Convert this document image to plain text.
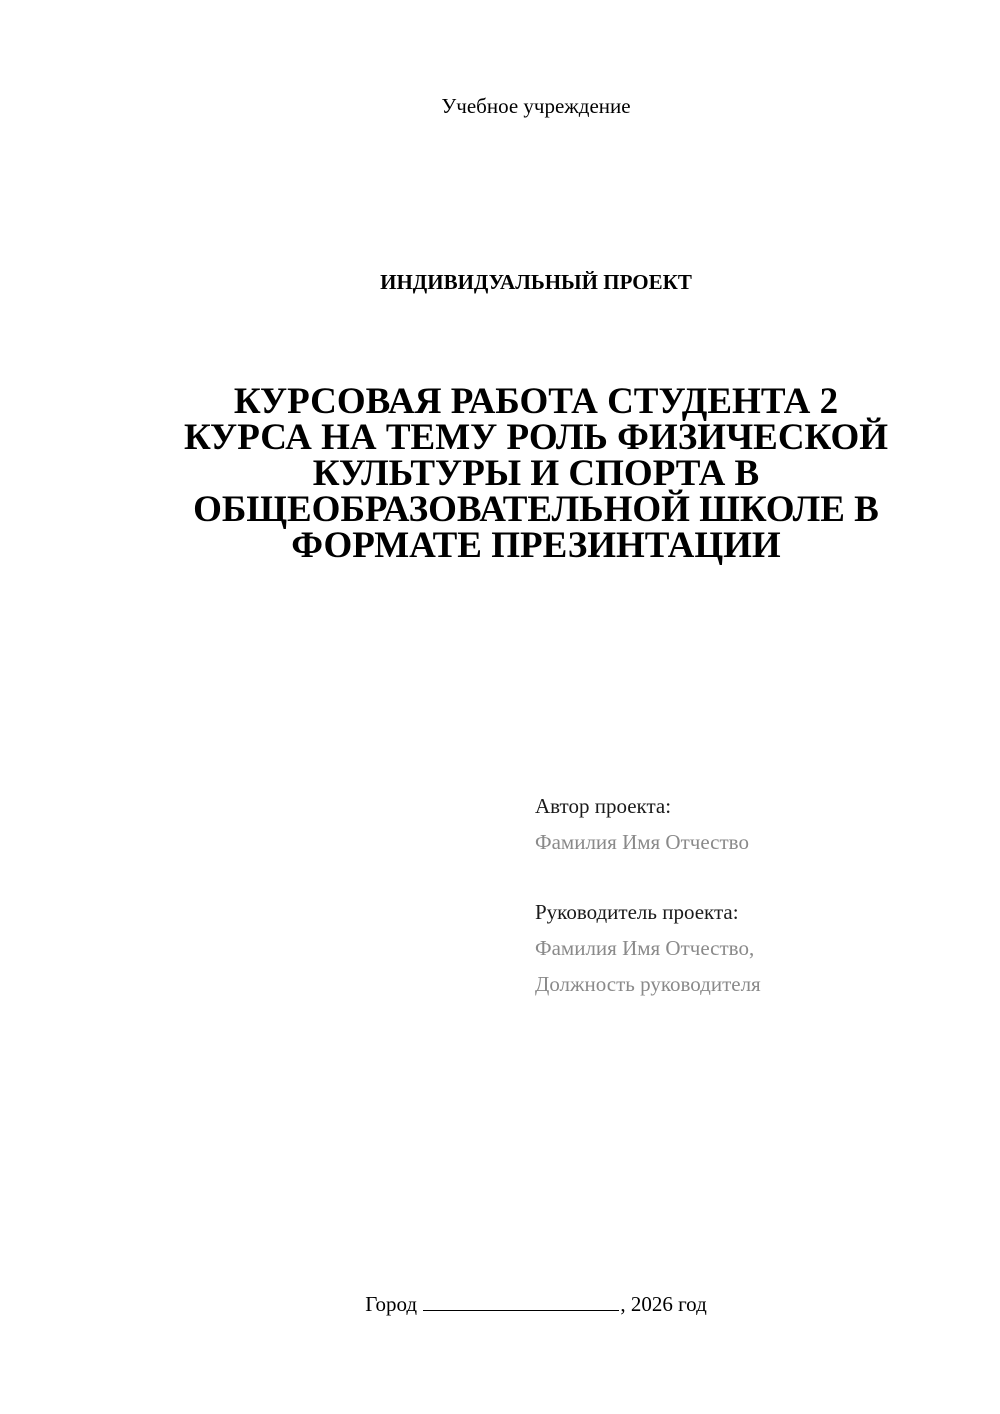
Учебное учреждение
ИНДИВИДУАЛЬНЫЙ ПРОЕКТ
КУРСОВАЯ РАБОТА СТУДЕНТА 2
КУРСА НА ТЕМУ РОЛЬ ФИЗИЧЕСКОЙ
КУЛЬТУРЫ И СПОРТА В
ОБЩЕОБРАЗОВАТЕЛЬНОЙ ШКОЛЕ В
ФОРМАТЕ ПРЕЗИНТАЦИИ
Автор проекта:
Фамилия Имя Отчество
Руководитель проекта:
Фамилия Имя Отчество,
Должность руководителя
Город	, 2026 год
